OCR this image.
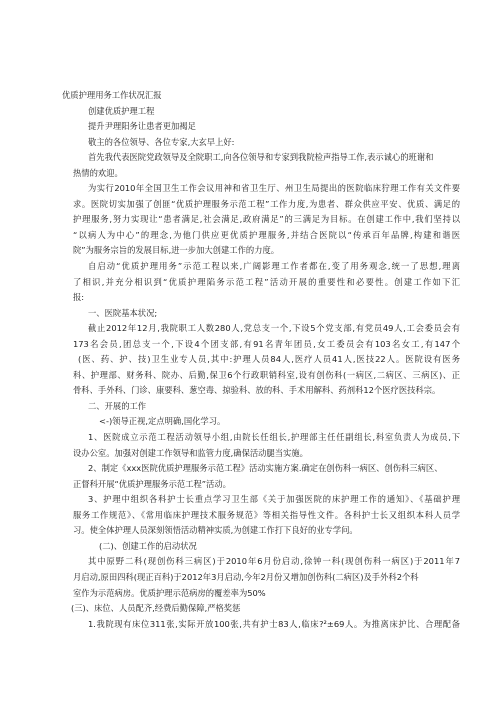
优质护理用务工作状况汇报
创建优质护理工程
提升尹理阳务让患者更加褐足
敬主的各位领导、各位专家,大玄早上好:
首先我代表医院党政领导及全院职工,向各位领导和专家到我院检声指导工作,表示诚心的班谢和
热情的欢迎。
为实行2010年全国卫生工作会议用神和省卫生厅、州卫生局提出的医院临床狞理工作有关文件要
求。医院切实加强了创匪“优质护理服务示范工程”工作力度,为患者、群众供应平安、优质、满足的
护理服务,努力实现让“患者满足,社会满足,政府满足”的三满足为目标。在创建工作中,我们坚持以
“以病人为中心”的理念,为他门供应更优质护理服务,并结合医院以“传承百年品牌,构建和谐医
院”为服务宗旨的发展目标,进一步加大创建工作的力度。
自启动“优质护理用务”示范工程以来,广阔影理工作者都在,变了用务观念,统一了思想,理离
了相识,并充分相识到“优质护理陷务示范工程”活动开展的重要性和必要性。创建工作如下汇
报:
一、医院基本状况;
截止2012年12月,我院职工人数280人,党总支一个,下设5个党支部,有党员49人,工会委员会有
173名会员,团总支一个,下设4个团支部,有91名青年团员,女工委员会有103名女工,有147个
(医、药、护、技)卫生业专人员,其中:护理人员84人,医疗人员41人,医技22人。医院设有医务
科、护理部、财务科、院办、后勤,保卫6个行政职销科室,设有创伤科(一病区,二病区、三病区)、正
骨科、手外科、门诊、康要科、葱空毒、掠验科、放的科、手术用解科、药剂科12个医疗医技科宗。
二、开展的工作
<-)领导正视,定点明确,国化学习。
1、医院成立示范工程活动领导小组,由院长任组长,护理部主任任副组长,科室负责人为成员,下
设办公室。加强对创建工作领导和监管力度,确保活动腿当实施。
2、制定《xxx医院优质护理服务示范工程》活动实施方案.确定在创伤科一病区、创伤科三病区、
正督科开展“优质护理服务示范工程”活动。
3、护理中组织各科护士长重点学习卫生部《关于加强医院的床护理工作的通知》、《基础护理
服务工作规范》、《常用临床护理技术服务规范》等相关指导性文件。各科护士长又组织本科人员学
习。使全体护理人员深刻领悟活动精神实质,为创建工作打下良好的业专学问。
(二)、创建工作的启动状况
其中原野二科(现创伤科三病区)于2010年6月份启动,徐钟一科(现创伤科一病区)于2011年7
月启动,原田四科(现正百科)于2012年3月启动,今年2月份又增加创伤科(二病区)及手外科2个科
室作为示范病房。优质护理示范病房的覆差率为50%
(三)、床位、人员配齐,经费后勤保障,严格奖惩
1.我院现有床位311张,实际开放100张,共有护士83人,临床?²±69人。为推离床护比、合理配备
